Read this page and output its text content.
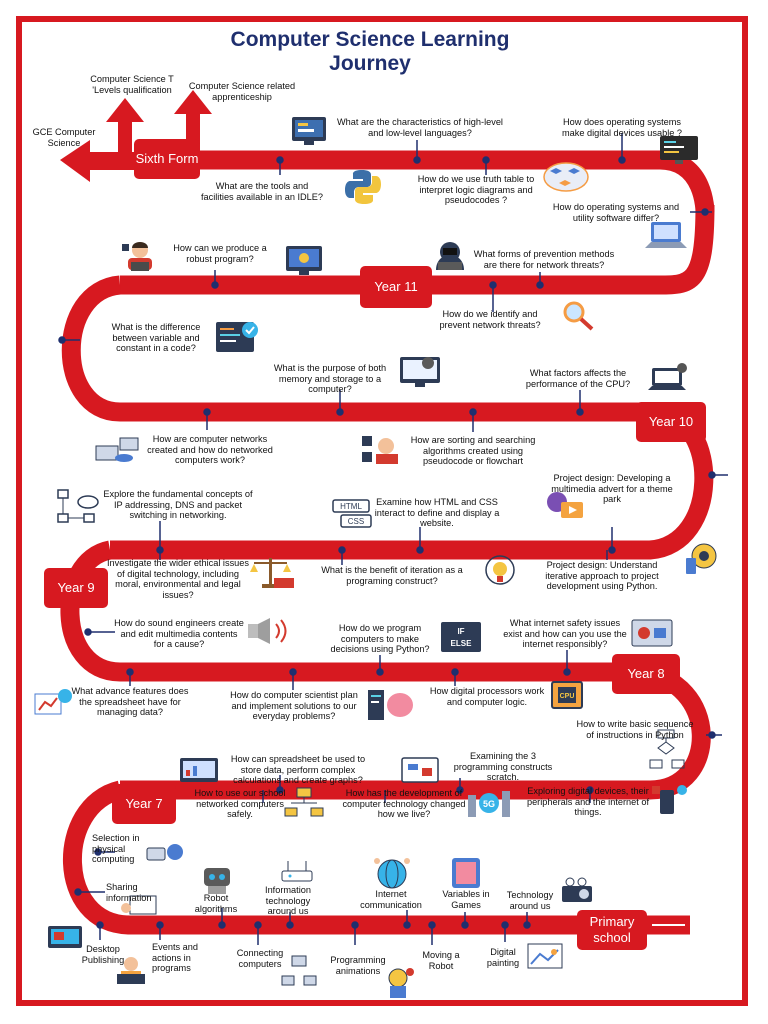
HTML
CSS
IF
ELSE
CPU
5G
Computer Science Learning
Journey
Sixth Form
Year 11
Year 10
Year 9
Year 8
Year 7
Primary school
GCE Computer Science
Computer Science T 'Levels qualification	Computer Science related apprenticeship
What are the tools and facilities available in an IDLE?
What are the characteristics of high-level and low-level languages?
How do we use truth table to interpret logic diagrams and pseudocodes ?
How does operating systems make digital devices usable ?
How do operating systems and utility software differ?
How can we produce a robust program?	What forms of prevention methods are there for network threats?
How do we identify and prevent network threats?
What is the difference between variable and constant in a code?
What is the purpose of both memory and storage to a computer?
What factors affects the performance of the CPU?
How are computer networks created and how do networked computers work?
How are sorting and searching algorithms created using pseudocode or flowchart
Explore the fundamental concepts of IP addressing, DNS and packet switching in networking.
Examine how HTML and CSS interact to define and display a website.
Project design: Developing a multimedia advert for a theme park
Investigate the wider ethical issues of digital technology, including moral, environmental and legal issues?
What is the benefit of iteration as a programing construct?
Project design: Understand iterative approach to project development using Python.
How do sound engineers create and edit multimedia contents for a cause?
How do we program computers to make decisions using Python?
What internet safety issues exist and how can you use the internet responsibly?
What advance features does the spreadsheet have for managing data?
How do computer scientist plan and implement solutions to our everyday problems?
How digital processors work and computer logic.
How to write basic sequence of instructions in Python
How can spreadsheet be used to store data, perform complex calculations and create graphs?
Examining the 3 programming constructs scratch.
How to use our school networked computers safely.
How has the development of computer technology changed how we live?
Exploring digital devices, their peripherals and the internet of things.
Selection in physical computing
Sharing information
Desktop Publishing
Robot algorithms
Events and actions in programs
Information technology around us
Connecting computers
Internet communication
Programming animations
Variables in Games
Moving a Robot
Technology around us
Digital painting
